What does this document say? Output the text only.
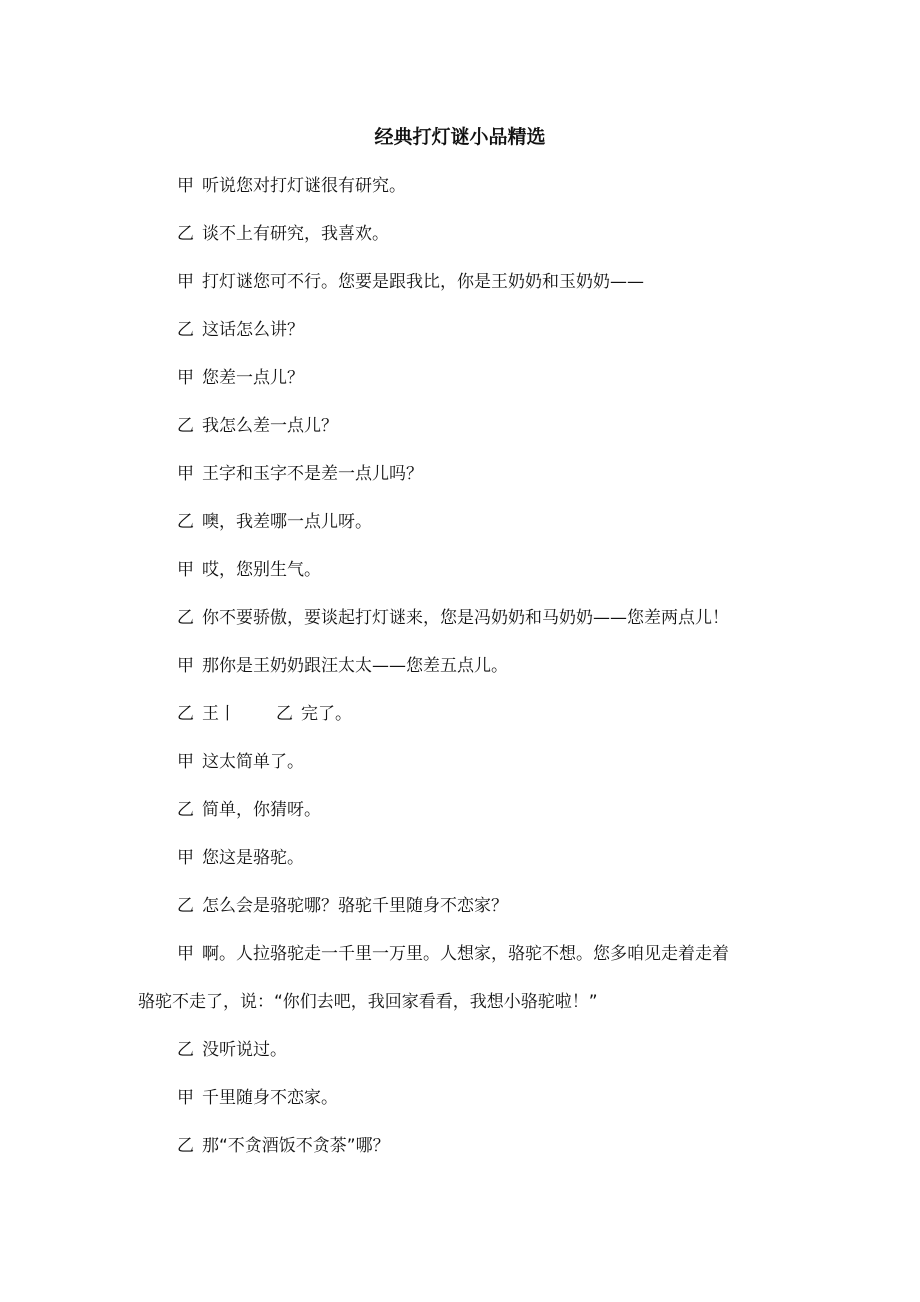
经典打灯谜小品精选
甲 听说您对打灯谜很有研究。
乙 谈不上有研究，我喜欢。
甲 打灯谜您可不行。您要是跟我比，你是王奶奶和玉奶奶——
乙 这话怎么讲？
甲 您差一点儿？
乙 我怎么差一点儿？
甲 王字和玉字不是差一点儿吗？
乙 噢，我差哪一点儿呀。
甲 哎，您别生气。
乙 你不要骄傲，要谈起打灯谜来，您是冯奶奶和马奶奶——您差两点儿！
甲 那你是王奶奶跟汪太太——您差五点儿。
乙 王丨 乙 完了。
甲 这太简单了。
乙 简单，你猜呀。
甲 您这是骆驼。
乙 怎么会是骆驼哪？骆驼千里随身不恋家？
甲 啊。人拉骆驼走一千里一万里。人想家，骆驼不想。您多咱见走着走着
骆驼不走了，说：“你们去吧，我回家看看，我想小骆驼啦！”
乙 没听说过。
甲 千里随身不恋家。
乙 那“不贪酒饭不贪茶”哪？
